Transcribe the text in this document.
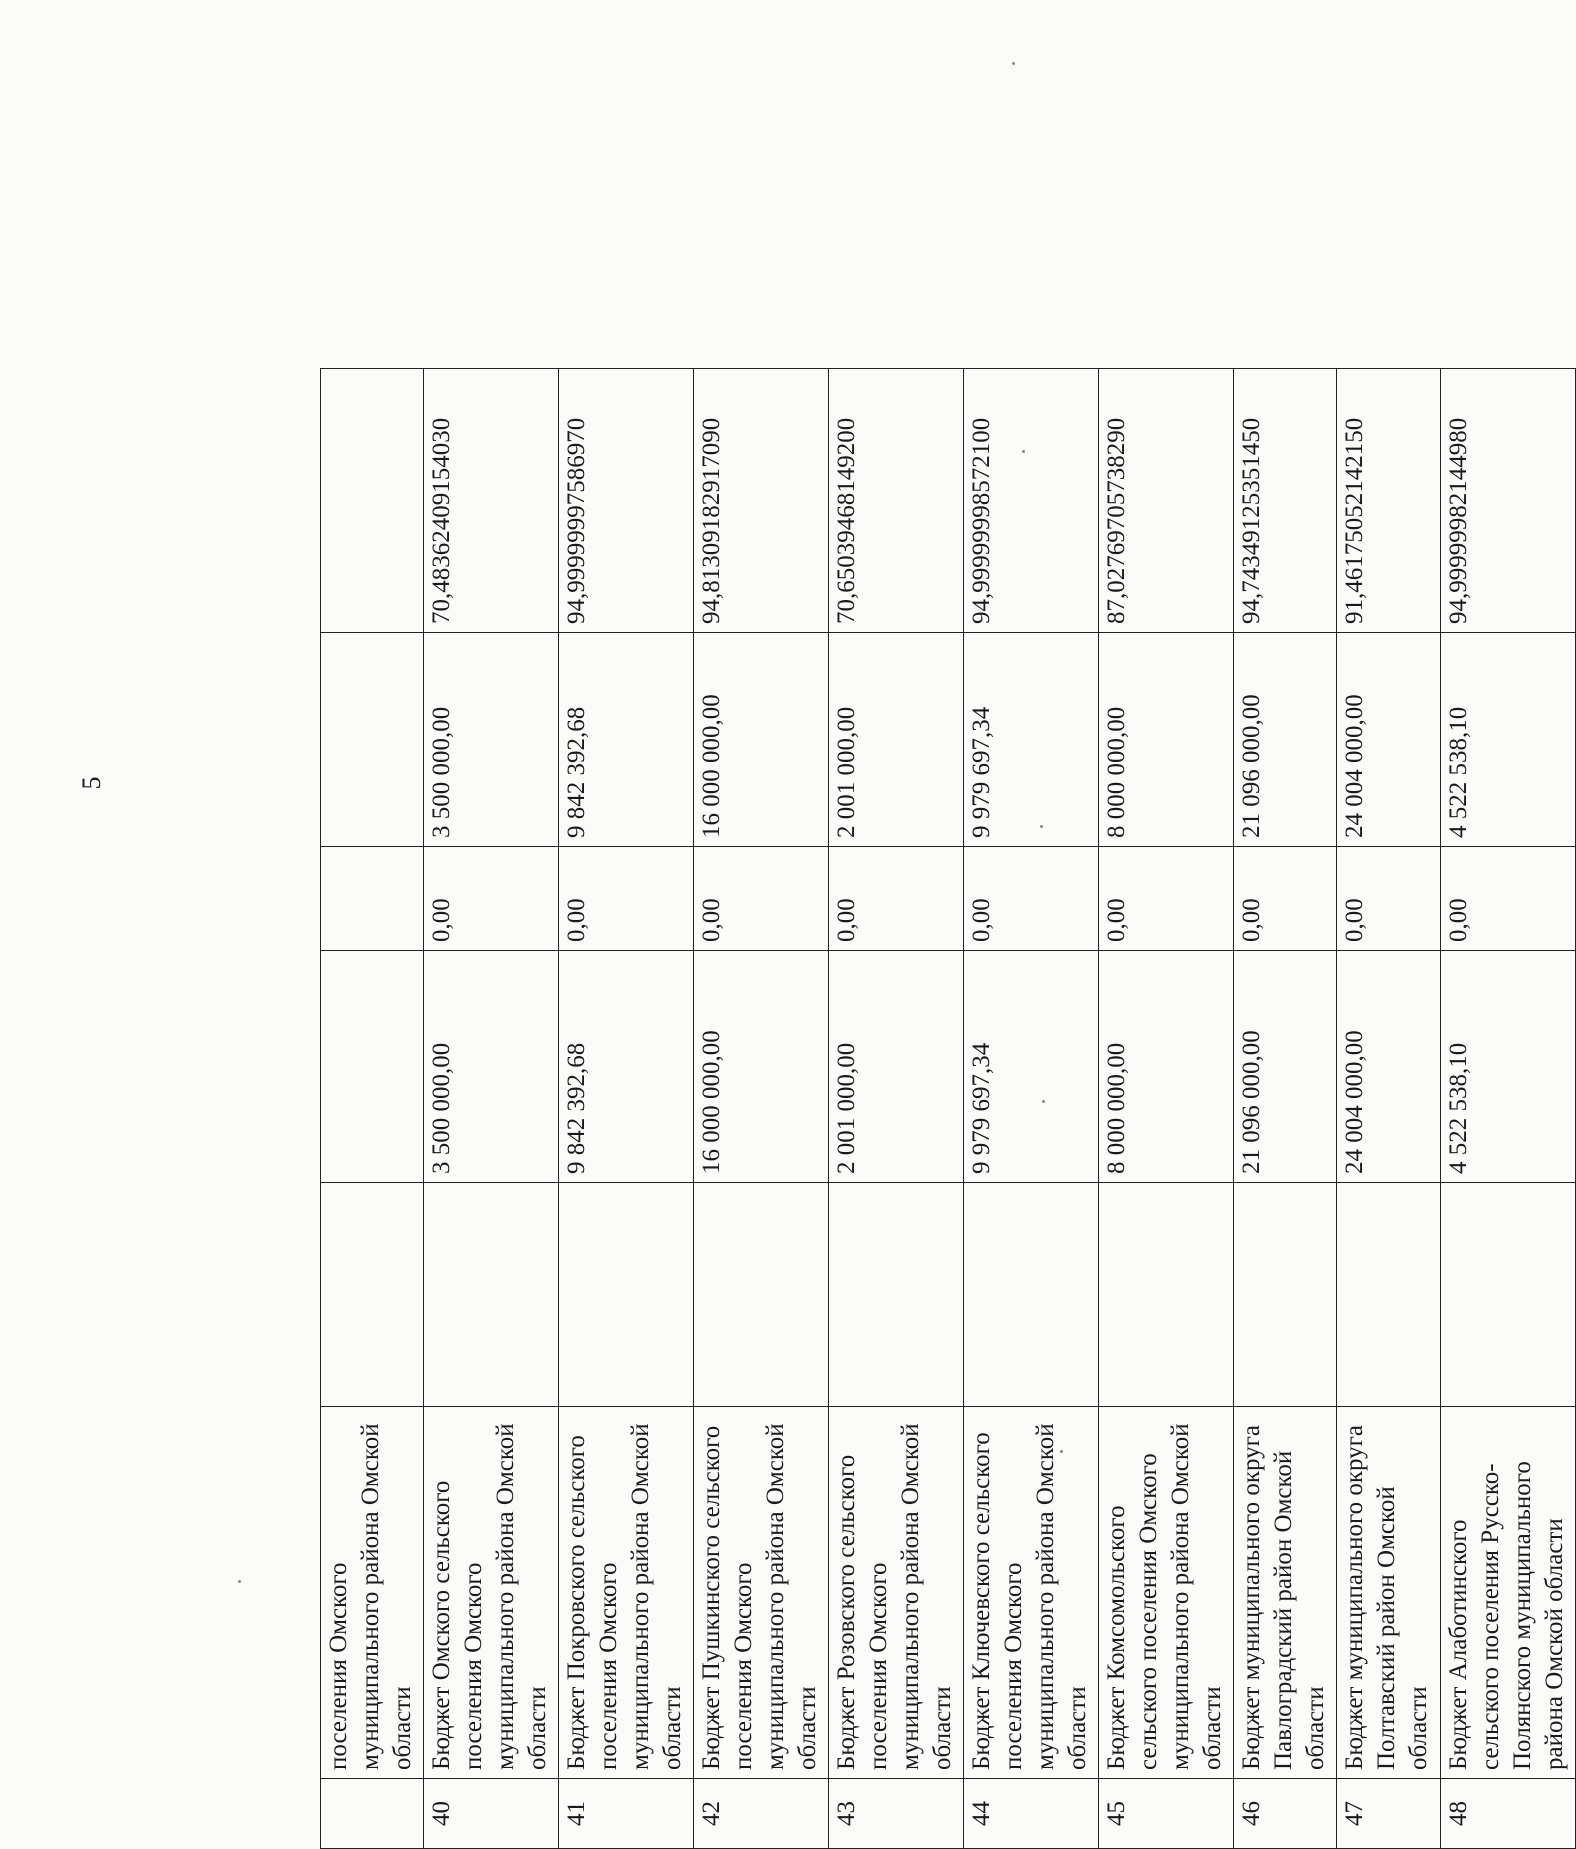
5
	поселения Омского муниципального района Омской области					
40	Бюджет Омского сельского поселения Омского муниципального района Омской области		3 500 000,00	0,00	3 500 000,00	70,48362409154030
41	Бюджет Покровского сельского поселения Омского муниципального района Омской области		9 842 392,68	0,00	9 842 392,68	94,99999997586970
42	Бюджет Пушкинского сельского поселения Омского муниципального района Омской области		16 000 000,00	0,00	16 000 000,00	94,81309182917090
43	Бюджет Розовского сельского поселения Омского муниципального района Омской области		2 001 000,00	0,00	2 001 000,00	70,65039468149200
44	Бюджет Ключевского сельского поселения Омского муниципального района Омской области		9 979 697,34	0,00	9 979 697,34	94,99999998572100
45	Бюджет Комсомольского сельского поселения Омского муниципального района Омской области		8 000 000,00	0,00	8 000 000,00	87,02769705738290
46	Бюджет муниципального округа Павлоградский район Омской области		21 096 000,00	0,00	21 096 000,00	94,74349125351450
47	Бюджет муниципального округа Полтавский район Омской области		24 004 000,00	0,00	24 004 000,00	91,46175052142150
48	Бюджет Алаботинского сельского поселения Русско-Полянского муниципального района Омской области		4 522 538,10	0,00	4 522 538,10	94,99999982144980
